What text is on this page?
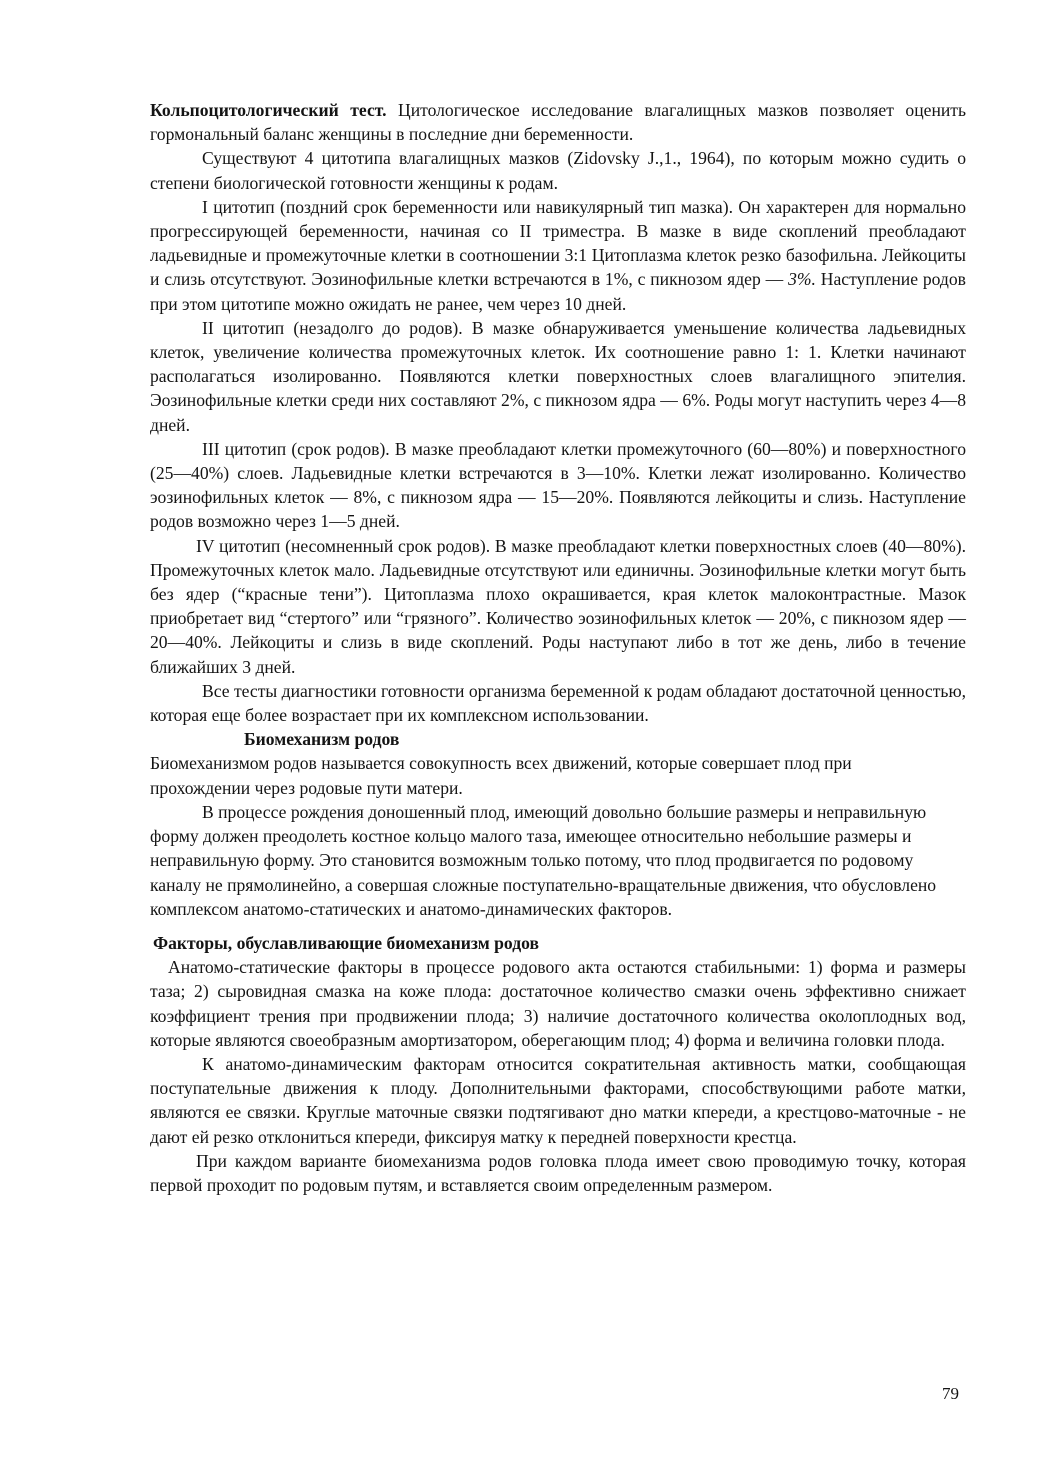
Кольпоцитологический тест. Цитологическое исследование влагалищных мазков позволяет оценить гормональный баланс женщины в последние дни беременности.

Существуют 4 цитотипа влагалищных мазков (Zidovsky J.,1., 1964), по которым можно судить о степени биологической готовности женщины к родам.

I цитотип (поздний срок беременности или навикулярный тип мазка). Он характерен для нормально прогрессирующей беременности, начиная со II триместра. В мазке в виде скоплений преобладают ладьевидные и промежуточные клетки в соотношении 3:1 Цитоплазма клеток резко базофильна. Лейкоциты и слизь отсутствуют. Эозинофильные клетки встречаются в 1%, с пикнозом ядер — 3%. Наступление родов при этом цитотипе можно ожидать не ранее, чем через 10 дней.

II цитотип (незадолго до родов). В мазке обнаруживается уменьшение количества ладьевидных клеток, увеличение количества промежуточных клеток. Их соотношение равно 1: 1. Клетки начинают располагаться изолированно. Появляются клетки поверхностных слоев влагалищного эпителия. Эозинофильные клетки среди них составляют 2%, с пикнозом ядра — 6%. Роды могут наступить через 4—8 дней.

III цитотип (срок родов). В мазке преобладают клетки промежуточного (60—80%) и поверхностного (25—40%) слоев. Ладьевидные клетки встречаются в 3—10%. Клетки лежат изолированно. Количество эозинофильных клеток — 8%, с пикнозом ядра — 15—20%. Появляются лейкоциты и слизь. Наступление родов возможно через 1—5 дней.

IV цитотип (несомненный срок родов). В мазке преобладают клетки поверхностных слоев (40—80%). Промежуточных клеток мало. Ладьевидные отсутствуют или единичны. Эозинофильные клетки могут быть без ядер (“красные тени”). Цитоплазма плохо окрашивается, края клеток малоконтрастные. Мазок приобретает вид “стертого” или “грязного”. Количество эозинофильных клеток — 20%, с пикнозом ядер — 20—40%. Лейкоциты и слизь в виде скоплений. Роды наступают либо в тот же день, либо в течение ближайших 3 дней.

Все тесты диагностики готовности организма беременной к родам обладают достаточной ценностью, которая еще более возрастает при их комплексном использовании.

Биомеханизм родов

Биомеханизмом родов называется совокупность всех движений, которые совершает плод при прохождении через родовые пути матери.

В процессе рождения доношенный плод, имеющий довольно большие размеры и неправильную форму должен преодолеть костное кольцо малого таза, имеющее относительно небольшие размеры и неправильную форму. Это становится возможным только потому, что плод продвигается по родовому каналу не прямолинейно, а совершая сложные поступательно-вращательные движения, что обусловлено комплексом анатомо-статических и анатомо-динамических факторов.

Факторы, обуславливающие биомеханизм родов

Анатомо-статические факторы в процессе родового акта остаются стабильными: 1) форма и размеры таза; 2) сыровидная смазка на коже плода: достаточное количество смазки очень эффективно снижает коэффициент трения при продвижении плода; 3) наличие достаточного количества околоплодных вод, которые являются своеобразным амортизатором, оберегающим плод; 4) форма и величина головки плода.

К анатомо-динамическим факторам относится сократительная активность матки, сообщающая поступательные движения к плоду. Дополнительными факторами, способствующими работе матки, являются ее связки. Круглые маточные связки подтягивают дно матки кпереди, а крестцово-маточные - не дают ей резко отклониться кпереди, фиксируя матку к передней поверхности крестца.

При каждом варианте биомеханизма родов головка плода имеет свою проводимую точку, которая первой проходит по родовым путям, и вставляется своим определенным размером.

79
